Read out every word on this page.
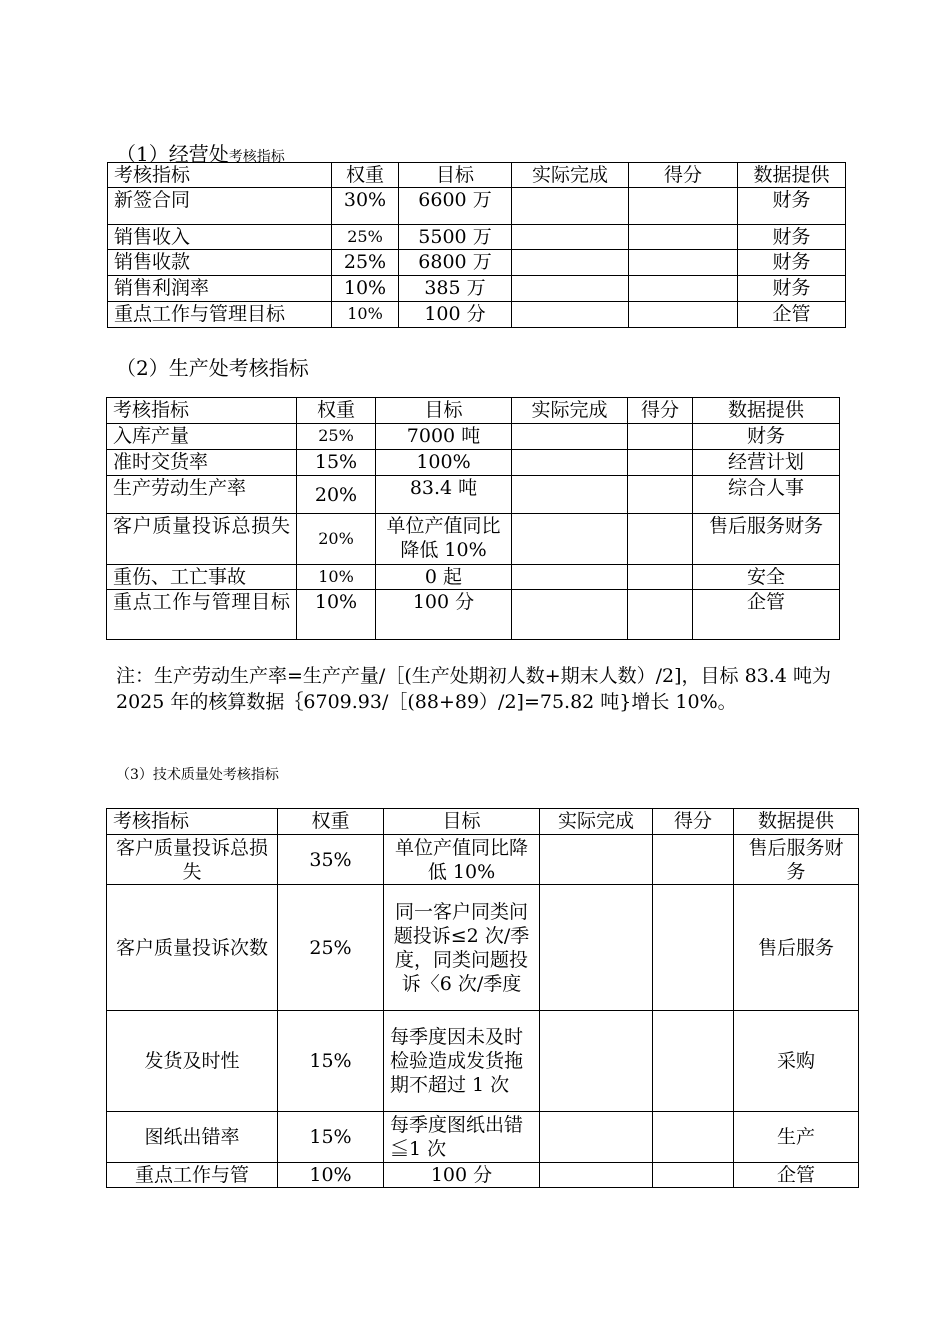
（1）经营处考核指标
考核指标	权重	目标	实际完成	得分	数据提供
新签合同	30%	6600 万			财务
销售收入	25%	5500 万			财务
销售收款	25%	6800 万			财务
销售利润率	10%	385 万			财务
重点工作与管理目标	10%	100 分			企管
（2）生产处考核指标
考核指标	权重	目标	实际完成	得分	数据提供
入库产量	25%	7000 吨			财务
准时交货率	15%	100%			经营计划
生产劳动生产率	20%	83.4 吨			综合人事
客户质量投诉总损失	20%	单位产值同比降低 10%			售后服务财务
重伤、工亡事故	10%	0 起			安全
重点工作与管理目标	10%	100 分			企管
注：生产劳动生产率=生产产量/［(生产处期初人数+期末人数）/2]，目标 83.4 吨为 2025 年的核算数据｛6709.93/［(88+89）/2]=75.82 吨}增长 10%。
（3）技术质量处考核指标
考核指标	权重	目标	实际完成	得分	数据提供
客户质量投诉总损失	35%	单位产值同比降低 10%			售后服务财务
客户质量投诉次数	25%	同一客户同类问题投诉≤2 次/季度，同类问题投诉〈6 次/季度			售后服务
发货及时性	15%	每季度因未及时检验造成发货拖期不超过 1 次			采购
图纸出错率	15%	每季度图纸出错≦1 次			生产
重点工作与管	10%	100 分			企管
